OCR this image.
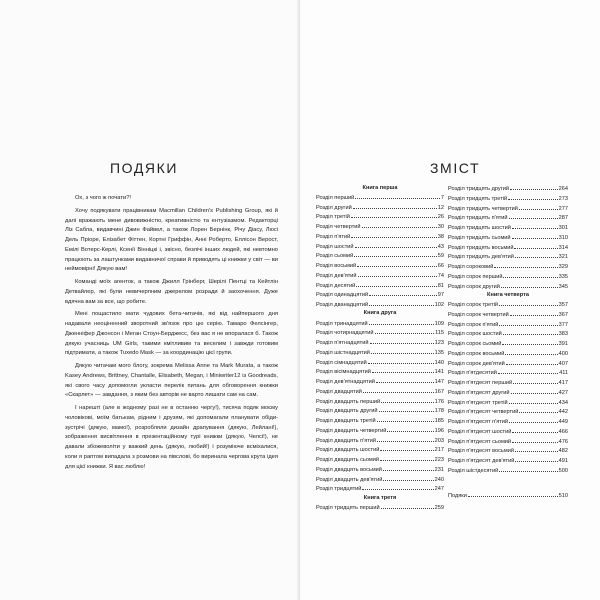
ПОДЯКИ

Ох, з чого ж почати?!

Хочу подякувати працівникам Macmillan Children's Publishing Group, які й далі вражають мене дивовижністю, креативністю та ентузіазмом. Редакторці Ліз Сабла, видавчині Джин Файвел, а також Лорен Бернінк, Річу Діасу, Люсі Дель Пріоре, Елізабет Фіттен, Кортні Гриффін, Анні Роберто, Еллісон Верост, Емілі Вотерс-Керлі, Ксенії Вінніцкі і, звісно, безлічі інших людей, які невтомно працюють за лаштунками видавничої справи й приводять ці книжки у світ — ви неймовірні! Дякую вам!

Команді моїх агенток, а також Джилл Грінберг, Шерілі Пентці та Кейтлін Детвайлер, які були невичерпним джерелом розради й заохочення. Дуже вдячна вам за все, що робите.

Мені пощастило мати чудових бета-читачів, які від найпершого дня надавали неоціненний зворотний зв'язок про цю серію. Тамаро Фелсінгер, Дженніфер Джонсон і Меган Стоун-Берджесс, без вас я не впоралася б. Також дякую учасниць UM Girls, такими кмітливим та веселим і завжди готовим підтримати, а також Tuxedo Mask — за координацію цієї групи.

Дякую читачам мого блогу, зокрема Melissa Anne та Mark Murata, а також Kasey Andrews, Brittney, Chantalle, Elisabeth, Megan, і Miniwriter12 із Goodreads, які свого часу допомогли укласти перелік питань для обговорення книжки «Скарлет» — завдання, з яким без авторів не варто лишати сам на сам.

І нарешті (але в жодному разі не в останню чергу!), тисяча подяк моєму чоловікові, моїм батькам, рідним і друзям, які допомагали планувати обіди-зустрічі (дякую, мамо!), розробляли дизайн драпування (дякую, Лейлані!), зображення висвітлення в презентаційному турі книжки (дякую, Челсі!), не давали збожеволіти у важкий день (дякую, любий!) і розуміюче всміхалися, коли я раптом випадала з розмови на півслові, бо виринала чергова крута ідея для цієї книжки. Я вас люблю!

ЗМІСТ
Книга перша
Розділ перший	7
Розділ другий	12
Розділ третій	26
Розділ четвертий	30
Розділ п'ятий	38
Розділ шостий	43
Розділ сьомий	59
Розділ восьмий	66
Розділ дев'ятий	74
Розділ десятий	81
Розділ одинадцятий	97
Розділ дванадцятий	102
Книга друга
Розділ тринадцятий	109
Розділ чотирнадцятий	115
Розділ п'ятнадцятий	123
Розділ шістнадцятий	135
Розділ сімнадцятий	140
Розділ вісімнадцятий	141
Розділ дев'ятнадцятий	147
Розділ двадцятий	167
Розділ двадцять перший	176
Розділ двадцять другий	178
Розділ двадцять третій	185
Розділ двадцять четвертий	196
Розділ двадцять п'ятий	203
Розділ двадцять шостий	217
Розділ двадцять сьомий	223
Розділ двадцять восьмий	231
Розділ двадцять дев'ятий	240
Розділ тридцятий	247
Книга третя
Розділ тридцять перший	259
Розділ тридцять другий	264
Розділ тридцять третій	273
Розділ тридцять четвертий	277
Розділ тридцять п'ятий	287
Розділ тридцять шостий	301
Розділ тридцять сьомий	310
Розділ тридцять восьмий	314
Розділ тридцять дев'ятий	321
Розділ сороковий	329
Розділ сорок перший	335
Розділ сорок другий	345
Книга четверта
Розділ сорок третій	357
Розділ сорок четвертий	367
Розділ сорок п'ятий	377
Розділ сорок шостий	383
Розділ сорок сьомий	391
Розділ сорок восьмий	400
Розділ сорок дев'ятий	407
Розділ п'ятдесятий	411
Розділ п'ятдесят перший	417
Розділ п'ятдесят другий	427
Розділ п'ятдесят третій	434
Розділ п'ятдесят четвертий	442
Розділ п'ятдесят п'ятий	449
Розділ п'ятдесят шостий	466
Розділ п'ятдесят сьомий	476
Розділ п'ятдесят восьмий	482
Розділ п'ятдесят дев'ятий	491
Розділ шістдесятий	500
Подяки	510
